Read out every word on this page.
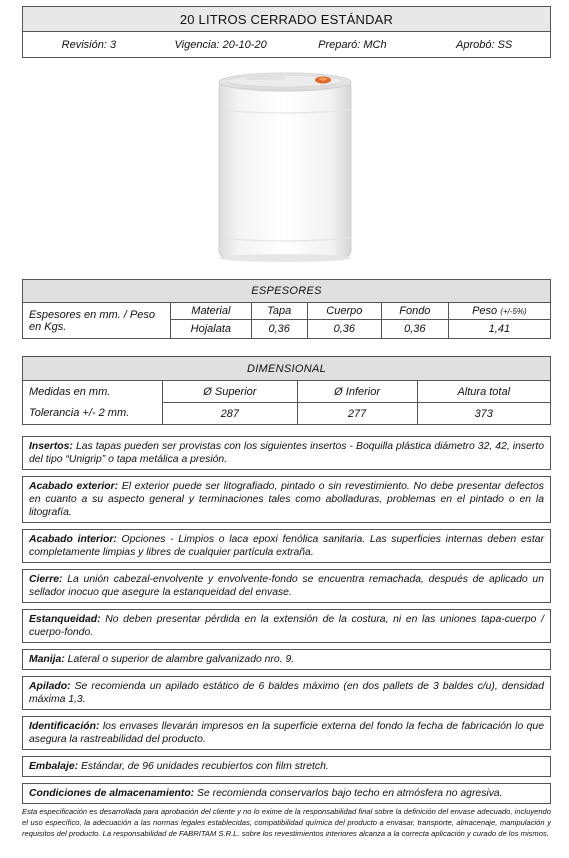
20 LITROS CERRADO ESTÁNDAR
Revisión: 3	Vigencia: 20-10-20	Preparó: MCh	Aprobó: SS
ESPESORES					
Espesores en mm. / Peso en Kgs.	Material	Tapa	Cuerpo	Fondo	Peso (+/-5%)
	Hojalata	0,36	0,36	0,36	1,41
DIMENSIONAL			
Medidas en mm.	Ø Superior	Ø Inferior	Altura total
Tolerancia +/- 2 mm.	287	277	373
Insertos: Las tapas pueden ser provistas con los siguientes insertos - Boquilla plástica diámetro 32, 42, inserto del tipo “Unigrip” o tapa metálica a presión.
Acabado exterior: El exterior puede ser litografiado, pintado o sin revestimiento. No debe presentar defectos en cuanto a su aspecto general y terminaciones tales como abolladuras, problemas en el pintado o en la litografía.
Acabado interior: Opciones - Limpios o laca epoxi fenólica sanitaria. Las superficies internas deben estar completamente limpias y libres de cualquier partícula extraña.
Cierre: La unión cabezal-envolvente y envolvente-fondo se encuentra remachada, después de aplicado un sellador inocuo que asegure la estanqueidad del envase.
Estanqueidad: No deben presentar pérdida en la extensión de la costura, ni en las uniones tapa-cuerpo / cuerpo-fondo.
Manija: Lateral o superior de alambre galvanizado nro. 9.
Apilado: Se recomienda un apilado estático de 6 baldes máximo (en dos pallets de 3 baldes c/u), densidad máxima 1,3.
Identificación: los envases llevarán impresos en la superficie externa del fondo la fecha de fabricación lo que asegura la rastreabilidad del producto.
Embalaje: Estándar, de 96 unidades recubiertos con film stretch.
Condiciones de almacenamiento: Se recomienda conservarlos bajo techo en atmósfera no agresiva.
Esta especificación es desarrollada para aprobación del cliente y no lo exime de la responsabilidad final sobre la definición del envase adecuado, incluyendo el uso específico, la adecuación a las normas legales establecidas, compatibilidad química del producto a envasar, transporte, almacenaje, manipulación y requisitos del producto. La responsabilidad de FABRITAM S.R.L. sobre los revestimientos interiores alcanza a la correcta aplicación y curado de los mismos.
